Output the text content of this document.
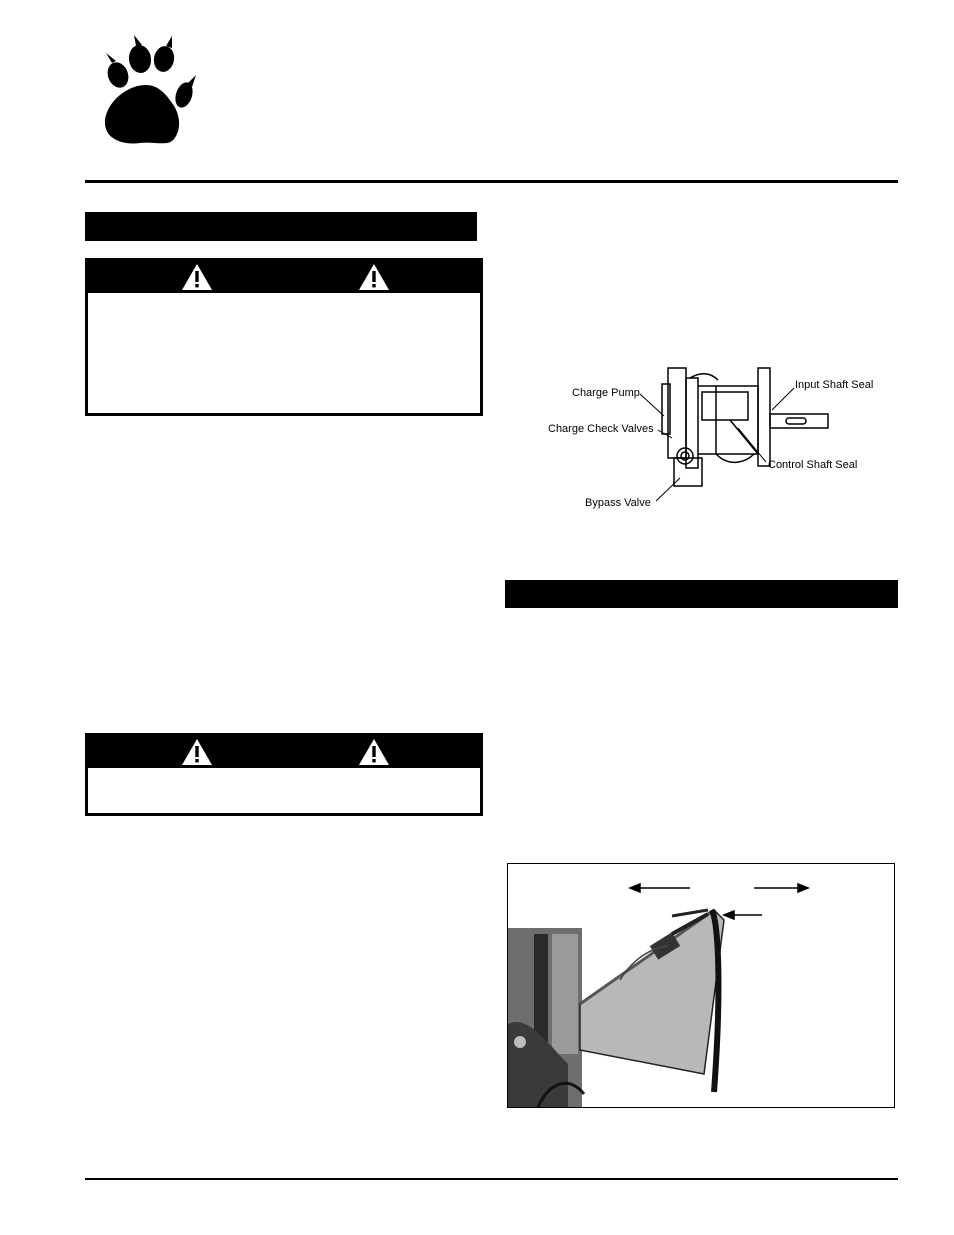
Input Shaft Seal
Charge Pump
Charge Check Valves
Control Shaft Seal
Bypass Valve
